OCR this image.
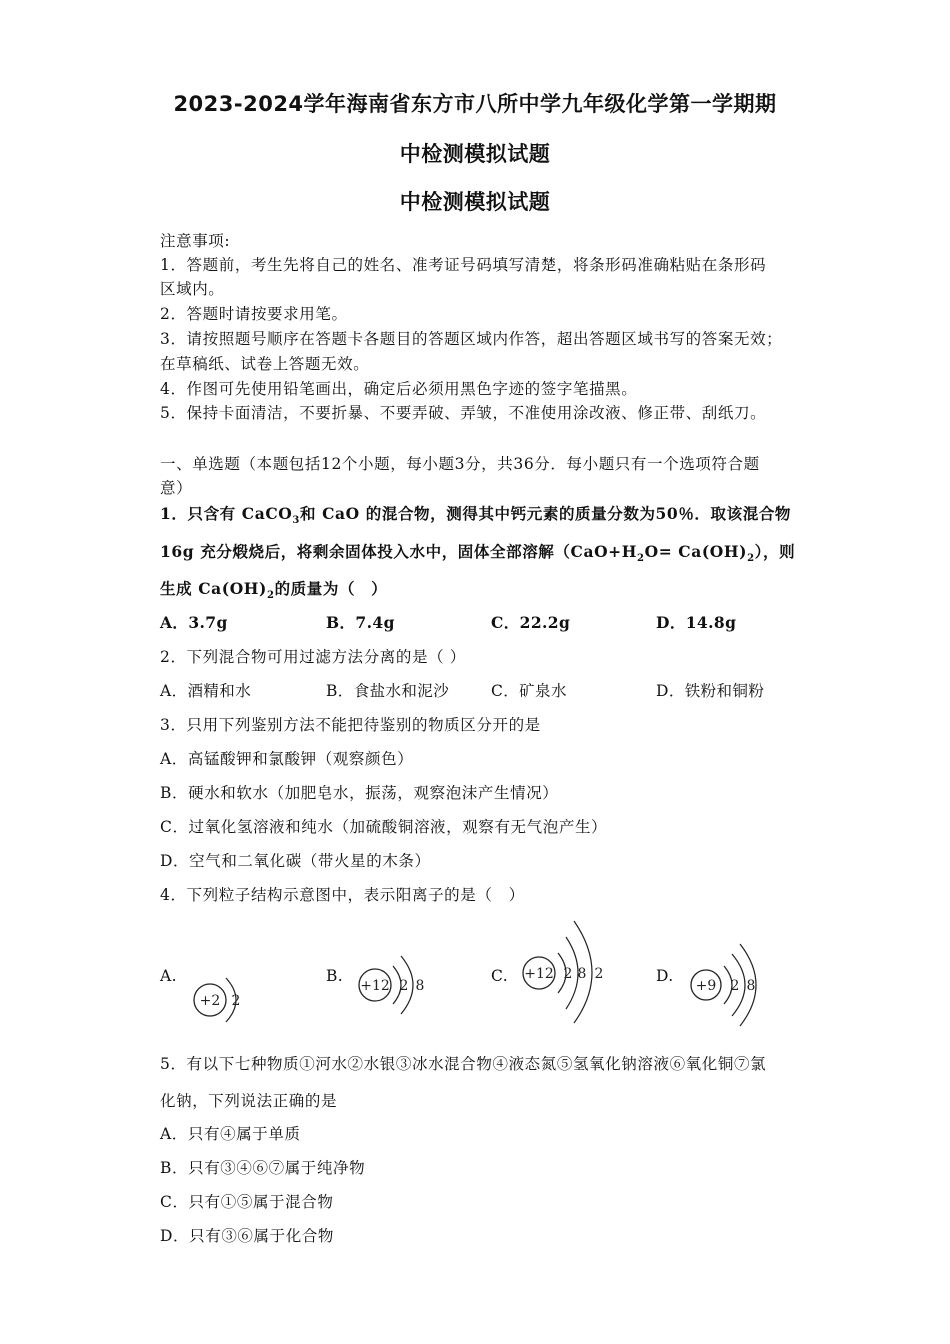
2023-2024学年海南省东方市八所中学九年级化学第一学期期
中检测模拟试题
中检测模拟试题
注意事项:
1．答题前，考生先将自己的姓名、准考证号码填写清楚，将条形码准确粘贴在条形码
区域内。
2．答题时请按要求用笔。
3．请按照题号顺序在答题卡各题目的答题区域内作答，超出答题区域书写的答案无效；
在草稿纸、试卷上答题无效。
4．作图可先使用铅笔画出，确定后必须用黑色字迹的签字笔描黑。
5．保持卡面清洁，不要折暴、不要弄破、弄皱，不准使用涂改液、修正带、刮纸刀。
一、单选题（本题包括12个小题，每小题3分，共36分．每小题只有一个选项符合题
意）
1．只含有 CaCO$_3$和 CaO 的混合物，测得其中钙元素的质量分数为50％．取该混合物
16g 充分煅烧后，将剩余固体投入水中，固体全部溶解$(CaO+H_2O= Ca(OH)_2)$，则
生成 $Ca(OH)_2$的质量为（　）
A．3.7g	B．7.4g	C．22.2g	D．14.8g
2．下列混合物可用过滤方法分离的是（ ）
A．酒精和水	B．食盐水和泥沙	C．矿泉水	D．铁粉和铜粉
3．只用下列鉴别方法不能把待鉴别的物质区分开的是
A．高锰酸钾和氯酸钾（观察颜色）
B．硬水和软水（加肥皂水，振荡，观察泡沫产生情况）
C．过氧化氢溶液和纯水（加硫酸铜溶液，观察有无气泡产生）
D．空气和二氧化碳（带火星的木条）
4．下列粒子结构示意图中，表示阳离子的是（　）
A.
+2 2
B.
+12 2 8
C. +12 2 8 2	D.
+9 2 8
5．有以下七种物质①河水②水银③冰水混合物④液态氮⑤氢氧化钠溶液⑥氧化铜⑦氯
化钠，下列说法正确的是
A．只有④属于单质
B．只有③④⑥⑦属于纯净物
C．只有①⑤属于混合物
D．只有③⑥属于化合物
